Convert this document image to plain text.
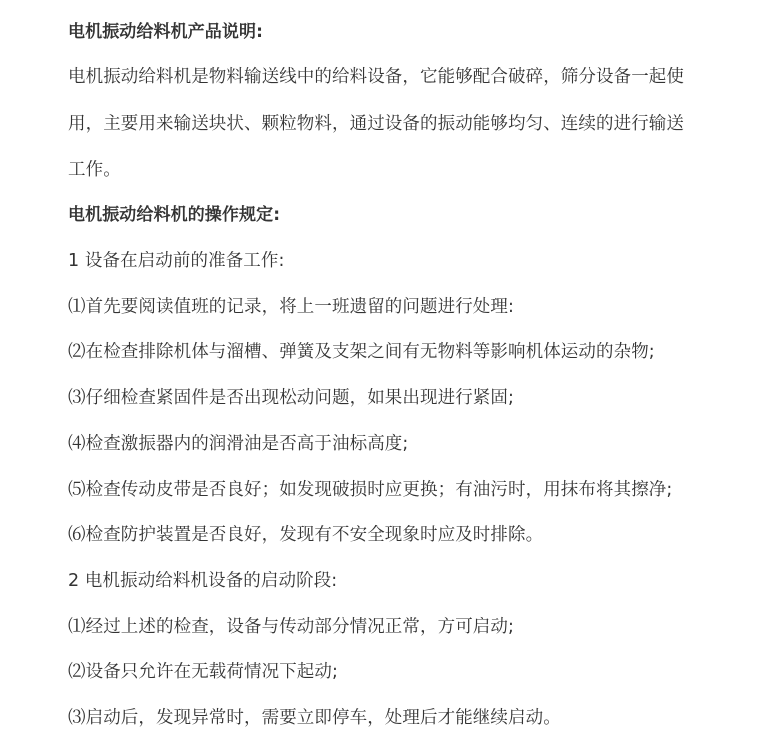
电机振动给料机产品说明:
电机振动给料机是物料输送线中的给料设备，它能够配合破碎，筛分设备一起使
用，主要用来输送块状、颗粒物料，通过设备的振动能够均匀、连续的进行输送
工作。
电机振动给料机的操作规定:
1 设备在启动前的准备工作:
⑴首先要阅读值班的记录，将上一班遗留的问题进行处理:
⑵在检查排除机体与溜槽、弹簧及支架之间有无物料等影响机体运动的杂物;
⑶仔细检查紧固件是否出现松动问题，如果出现进行紧固;
⑷检查激振器内的润滑油是否高于油标高度;
⑸检查传动皮带是否良好；如发现破损时应更换；有油污时，用抹布将其擦净;
⑹检查防护装置是否良好，发现有不安全现象时应及时排除。
2 电机振动给料机设备的启动阶段:
⑴经过上述的检查，设备与传动部分情况正常，方可启动;
⑵设备只允许在无载荷情况下起动;
⑶启动后，发现异常时，需要立即停车，处理后才能继续启动。
